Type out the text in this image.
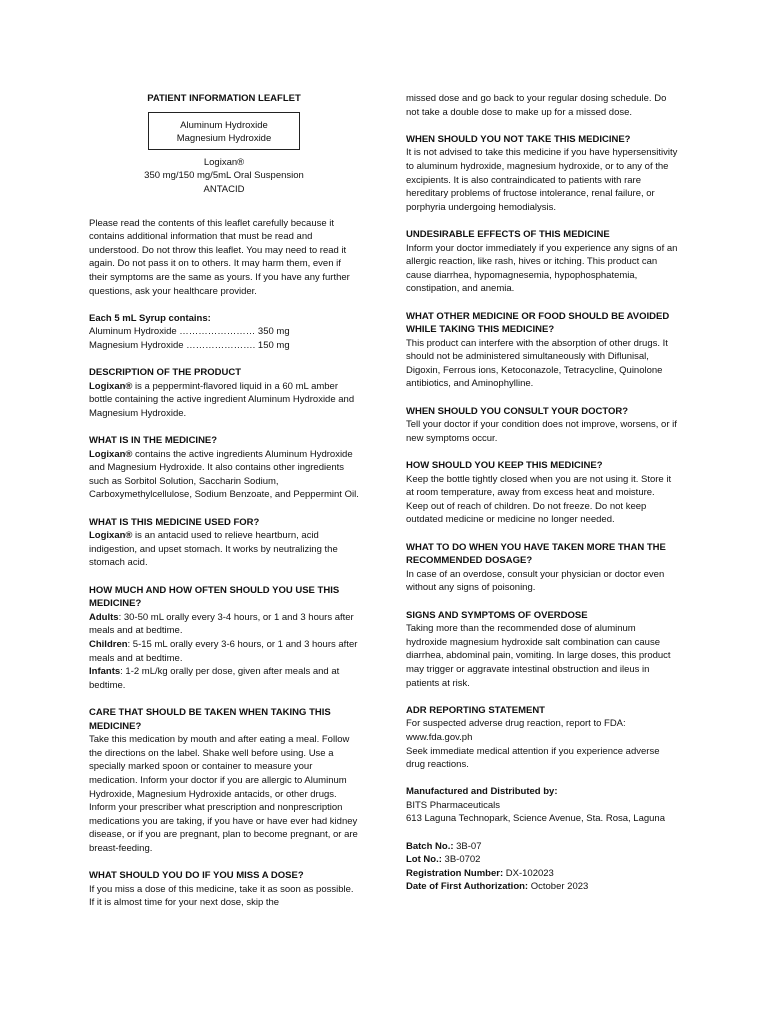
PATIENT INFORMATION LEAFLET
Aluminum Hydroxide
Magnesium Hydroxide
Logixan®
350 mg/150 mg/5mL Oral Suspension
ANTACID

Please read the contents of this leaflet carefully because it contains additional information that must be read and understood. Do not throw this leaflet. You may need to read it again. Do not pass it on to others. It may harm them, even if their symptoms are the same as yours. If you have any further questions, ask your healthcare provider.

Each 5 mL Syrup contains:

Aluminum Hydroxide …………………… 350 mg

Magnesium Hydroxide …………………. 150 mg

DESCRIPTION OF THE PRODUCT

Logixan® is a peppermint-flavored liquid in a 60 mL amber bottle containing the active ingredient Aluminum Hydroxide and Magnesium Hydroxide.

WHAT IS IN THE MEDICINE?

Logixan® contains the active ingredients Aluminum Hydroxide and Magnesium Hydroxide. It also contains other ingredients such as Sorbitol Solution, Saccharin Sodium, Carboxymethylcellulose, Sodium Benzoate, and Peppermint Oil.

WHAT IS THIS MEDICINE USED FOR?

Logixan® is an antacid used to relieve heartburn, acid indigestion, and upset stomach. It works by neutralizing the stomach acid.

HOW MUCH AND HOW OFTEN SHOULD YOU USE THIS MEDICINE?

Adults: 30-50 mL orally every 3-4 hours, or 1 and 3 hours after meals and at bedtime.

Children: 5-15 mL orally every 3-6 hours, or 1 and 3 hours after meals and at bedtime.

Infants: 1-2 mL/kg orally per dose, given after meals and at bedtime.

CARE THAT SHOULD BE TAKEN WHEN TAKING THIS MEDICINE?

Take this medication by mouth and after eating a meal. Follow the directions on the label. Shake well before using. Use a specially marked spoon or container to measure your medication. Inform your doctor if you are allergic to Aluminum Hydroxide, Magnesium Hydroxide antacids, or other drugs. Inform your prescriber what prescription and nonprescription medications you are taking, if you have or have ever had kidney disease, or if you are pregnant, plan to become pregnant, or are breast-feeding.

WHAT SHOULD YOU DO IF YOU MISS A DOSE?

If you miss a dose of this medicine, take it as soon as possible. If it is almost time for your next dose, skip the

missed dose and go back to your regular dosing schedule. Do not take a double dose to make up for a missed dose.

WHEN SHOULD YOU NOT TAKE THIS MEDICINE?

It is not advised to take this medicine if you have hypersensitivity to aluminum hydroxide, magnesium hydroxide, or to any of the excipients. It is also contraindicated to patients with rare hereditary problems of fructose intolerance, renal failure, or porphyria undergoing hemodialysis.

UNDESIRABLE EFFECTS OF THIS MEDICINE

Inform your doctor immediately if you experience any signs of an allergic reaction, like rash, hives or itching. This product can cause diarrhea, hypomagnesemia, hypophosphatemia, constipation, and anemia.

WHAT OTHER MEDICINE OR FOOD SHOULD BE AVOIDED WHILE TAKING THIS MEDICINE?

This product can interfere with the absorption of other drugs. It should not be administered simultaneously with Diflunisal, Digoxin, Ferrous ions, Ketoconazole, Tetracycline, Quinolone antibiotics, and Aminophylline.

WHEN SHOULD YOU CONSULT YOUR DOCTOR?

Tell your doctor if your condition does not improve, worsens, or if new symptoms occur.

HOW SHOULD YOU KEEP THIS MEDICINE?

Keep the bottle tightly closed when you are not using it. Store it at room temperature, away from excess heat and moisture. Keep out of reach of children. Do not freeze. Do not keep outdated medicine or medicine no longer needed.

WHAT TO DO WHEN YOU HAVE TAKEN MORE THAN THE RECOMMENDED DOSAGE?

In case of an overdose, consult your physician or doctor even without any signs of poisoning.

SIGNS AND SYMPTOMS OF OVERDOSE

Taking more than the recommended dose of aluminum hydroxide magnesium hydroxide salt combination can cause diarrhea, abdominal pain, vomiting. In large doses, this product may trigger or aggravate intestinal obstruction and ileus in patients at risk.

ADR REPORTING STATEMENT

For suspected adverse drug reaction, report to FDA:

www.fda.gov.ph

Seek immediate medical attention if you experience adverse drug reactions.

Manufactured and Distributed by:

BITS Pharmaceuticals

613 Laguna Technopark, Science Avenue, Sta. Rosa, Laguna

Batch No.: 3B-07

Lot No.: 3B-0702

Registration Number: DX-102023

Date of First Authorization: October 2023
